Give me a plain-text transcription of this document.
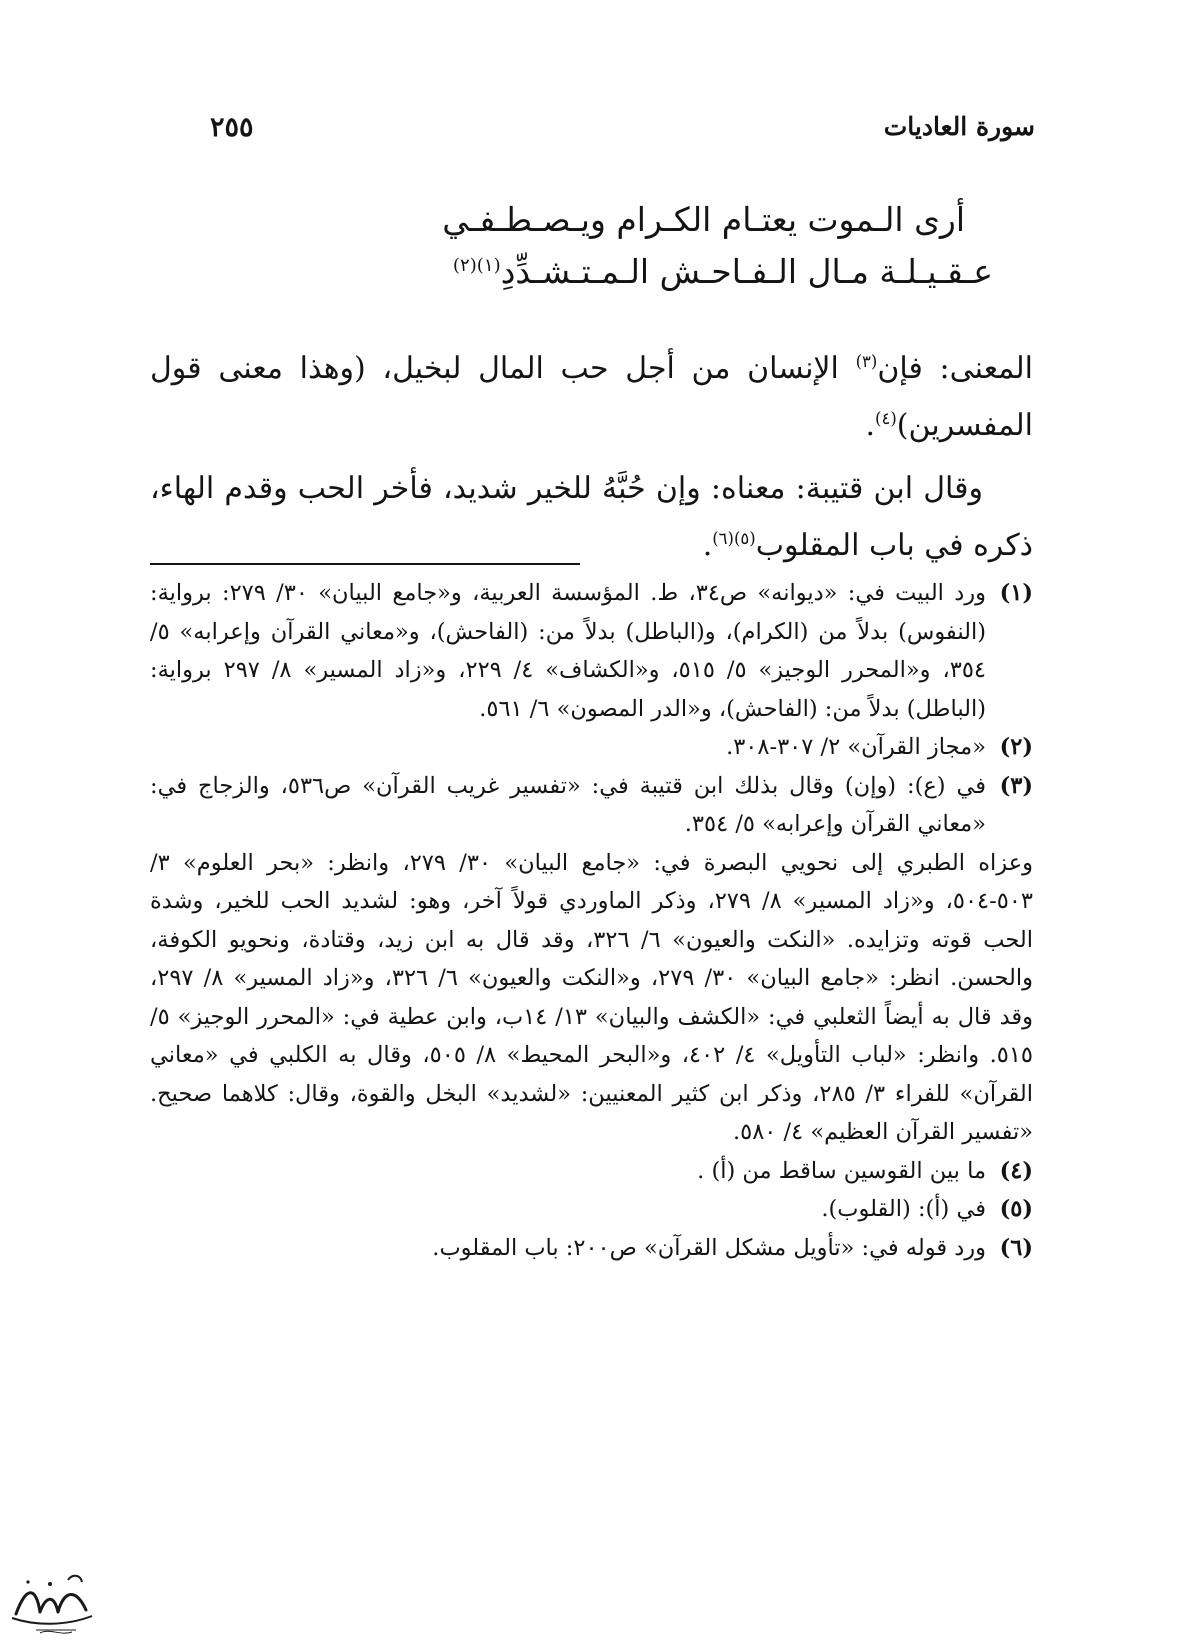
سورة العاديات
٢٥٥
أرى الـموت يعتـام الكـرام ويـصـطـفـي
عـقـيـلـة مـال الـفـاحـش الـمـتـشـدِّدِ$^{(١)(٢)}$

المعنى: فإن$^{(٣)}$ الإنسان من أجل حب المال لبخيل، (وهذا معنى قول المفسرين)$^{(٤)}$.

وقال ابن قتيبة: معناه: وإن حُبَّهُ للخير شديد، فأخر الحب وقدم الهاء، ذكره في باب المقلوب$^{(٥)(٦)}$.

(١)
ورد البيت في: «ديوانه» ص٣٤، ط. المؤسسة العربية، و«جامع البيان» ٣٠/ ٢٧٩: برواية: (النفوس) بدلاً من (الكرام)، و(الباطل) بدلاً من: (الفاحش)، و«معاني القرآن وإعرابه» ٥/ ٣٥٤، و«المحرر الوجيز» ٥/ ٥١٥، و«الكشاف» ٤/ ٢٢٩، و«زاد المسير» ٨/ ٢٩٧ برواية: (الباطل) بدلاً من: (الفاحش)، و«الدر المصون» ٦/ ٥٦١.

(٢)
«مجاز القرآن» ٢/ ٣٠٧-٣٠٨.

(٣)
في (ع): (وإن) وقال بذلك ابن قتيبة في: «تفسير غريب القرآن» ص٥٣٦، والزجاج في: «معاني القرآن وإعرابه» ٥/ ٣٥٤.

وعزاه الطبري إلى نحويي البصرة في: «جامع البيان» ٣٠/ ٢٧٩، وانظر: «بحر العلوم» ٣/ ٥٠٣-٥٠٤، و«زاد المسير» ٨/ ٢٧٩، وذكر الماوردي قولاً آخر، وهو: لشديد الحب للخير، وشدة الحب قوته وتزايده. «النكت والعيون» ٦/ ٣٢٦، وقد قال به ابن زيد، وقتادة، ونحويو الكوفة، والحسن. انظر: «جامع البيان» ٣٠/ ٢٧٩، و«النكت والعيون» ٦/ ٣٢٦، و«زاد المسير» ٨/ ٢٩٧، وقد قال به أيضاً الثعلبي في: «الكشف والبيان» ١٣/ ١٤ب، وابن عطية في: «المحرر الوجيز» ٥/ ٥١٥. وانظر: «لباب التأويل» ٤/ ٤٠٢، و«البحر المحيط» ٨/ ٥٠٥، وقال به الكلبي في «معاني القرآن» للفراء ٣/ ٢٨٥، وذكر ابن كثير المعنيين: «لشديد» البخل والقوة، وقال: كلاهما صحيح. «تفسير القرآن العظيم» ٤/ ٥٨٠.

(٤)
ما بين القوسين ساقط من (أ) .

(٥)
في (أ): (القلوب).

(٦)
ورد قوله في: «تأويل مشكل القرآن» ص٢٠٠: باب المقلوب.
